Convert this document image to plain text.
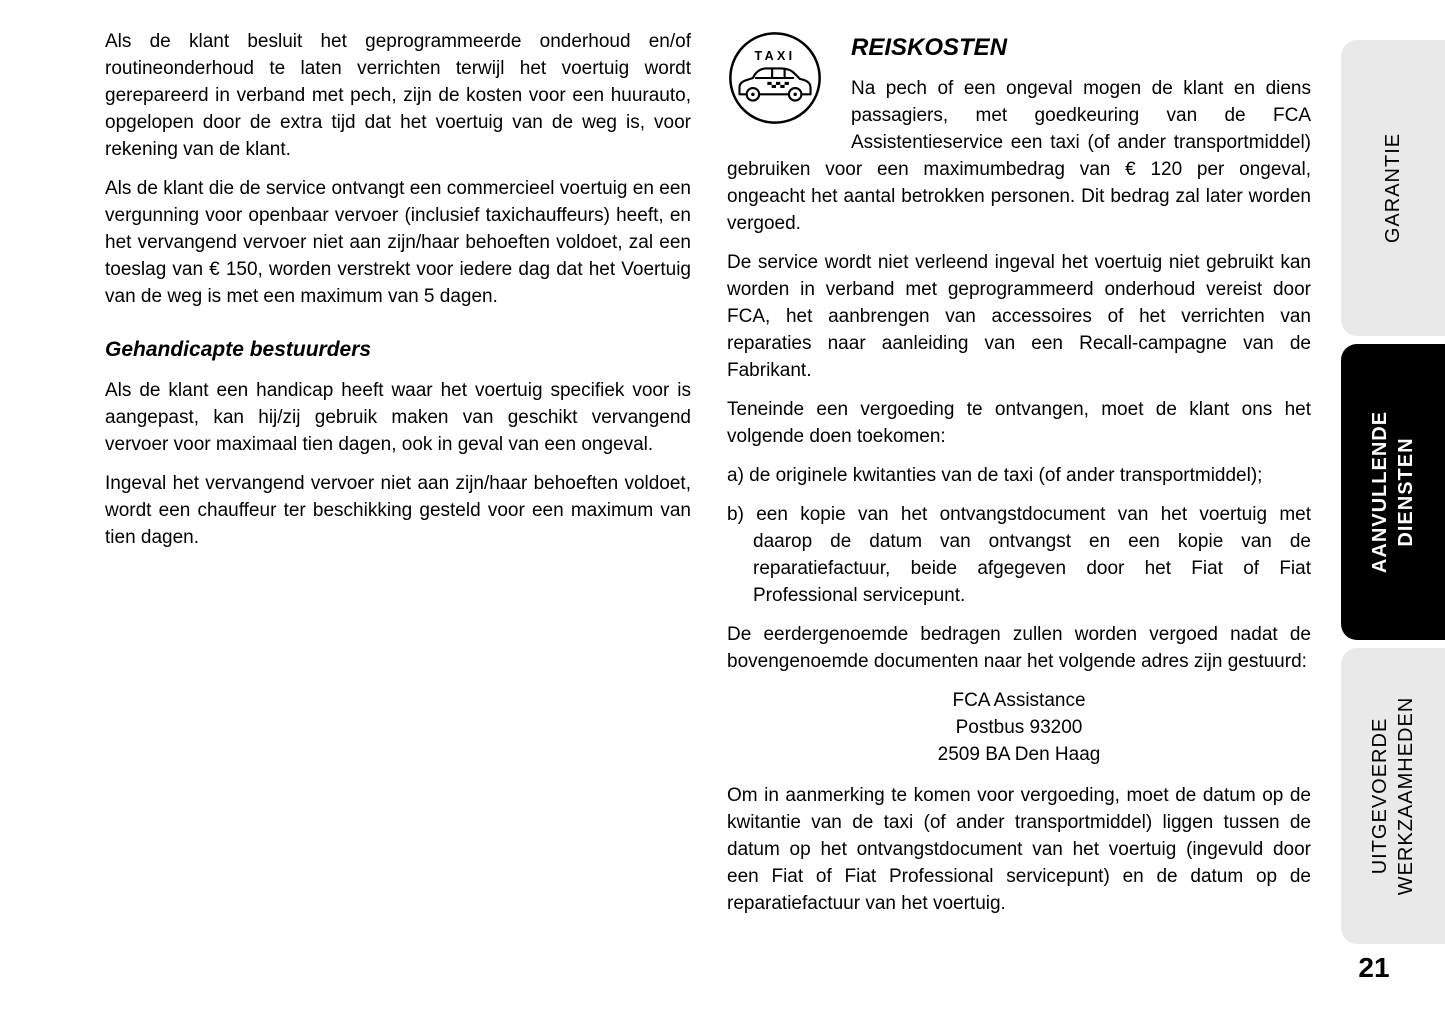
Als de klant besluit het geprogrammeerde onderhoud en/of routineonderhoud te laten verrichten terwijl het voertuig wordt gerepareerd in verband met pech, zijn de kosten voor een huurauto, opgelopen door de extra tijd dat het voertuig van de weg is, voor rekening van de klant.

Als de klant die de service ontvangt een commercieel voertuig en een vergunning voor openbaar vervoer (inclusief taxichauffeurs) heeft, en het vervangend vervoer niet aan zijn/haar behoeften voldoet, zal een toeslag van € 150, worden verstrekt voor iedere dag dat het Voertuig van de weg is met een maximum van 5 dagen.

Gehandicapte bestuurders

Als de klant een handicap heeft waar het voertuig specifiek voor is aangepast, kan hij/zij gebruik maken van geschikt vervangend vervoer voor maximaal tien dagen, ook in geval van een ongeval.

Ingeval het vervangend vervoer niet aan zijn/haar behoeften voldoet, wordt een chauffeur ter beschikking gesteld voor een maximum van tien dagen.

TAXI	REISKOSTEN

Na pech of een ongeval mogen de klant en diens passagiers, met goedkeuring van de FCA Assistentieservice een taxi (of ander transportmiddel) gebruiken voor een maximumbedrag van € 120 per ongeval, ongeacht het aantal betrokken personen. Dit bedrag zal later worden vergoed.

De service wordt niet verleend ingeval het voertuig niet gebruikt kan worden in verband met geprogrammeerd onderhoud vereist door FCA, het aanbrengen van accessoires of het verrichten van reparaties naar aanleiding van een Recall-campagne van de Fabrikant.

Teneinde een vergoeding te ontvangen, moet de klant ons het volgende doen toekomen:

a) de originele kwitanties van de taxi (of ander transportmiddel);

b) een kopie van het ontvangstdocument van het voertuig met daarop de datum van ontvangst en een kopie van de reparatiefactuur, beide afgegeven door het Fiat of Fiat Professional servicepunt.

De eerdergenoemde bedragen zullen worden vergoed nadat de bovengenoemde documenten naar het volgende adres zijn gestuurd:

FCA Assistance
Postbus 93200
2509 BA Den Haag

Om in aanmerking te komen voor vergoeding, moet de datum op de kwitantie van de taxi (of ander transportmiddel) liggen tussen de datum op het ontvangstdocument van het voertuig (ingevuld door een Fiat of Fiat Professional servicepunt) en de datum op de reparatiefactuur van het voertuig.

GARANTIE
AANVULLENDE DIENSTEN
UITGEVOERDE WERKZAAMHEDEN
21
